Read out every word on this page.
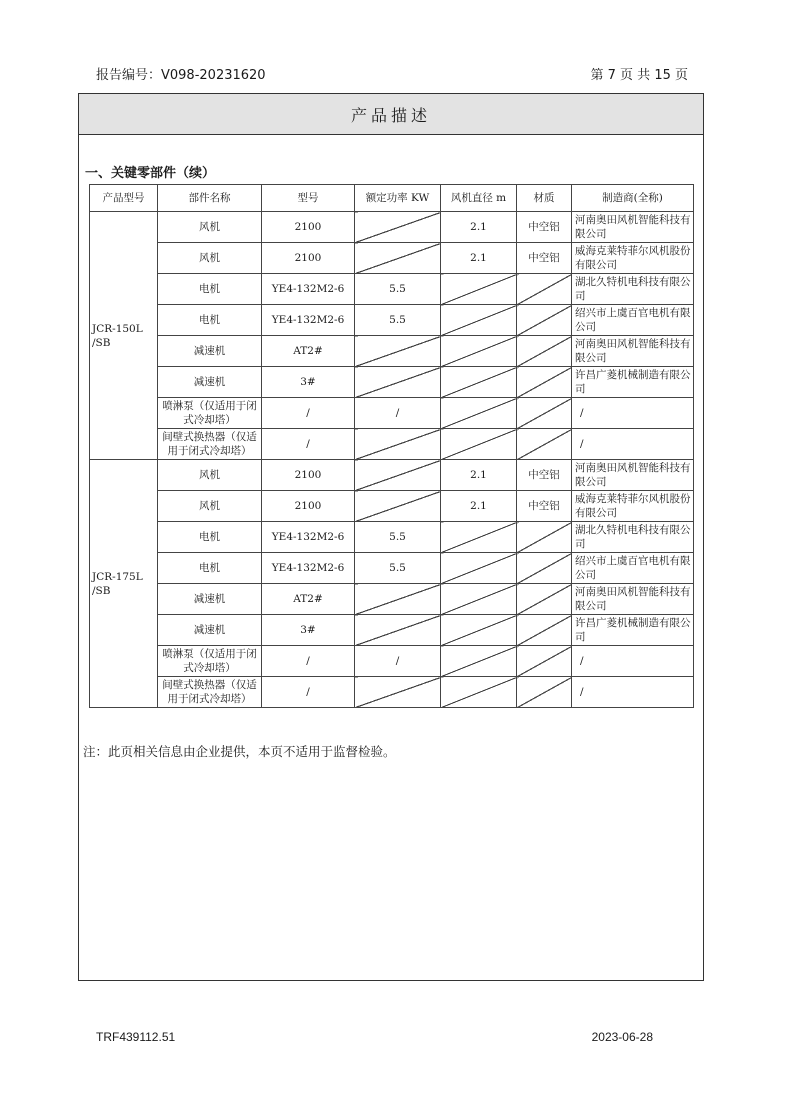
报告编号：V098-20231620	第 7 页 共 15 页
产品描述
一、关键零部件（续）
产品型号	部件名称	型号	额定功率 KW	风机直径 m	材质	制造商(全称)
JCR-150L
/SB	风机	2100		2.1	中空铝	河南奥田风机智能科技有限公司
	风机	2100		2.1	中空铝	威海克莱特菲尔风机股份有限公司
	电机	YE4-132M2-6	5.5			湖北久特机电科技有限公司
	电机	YE4-132M2-6	5.5			绍兴市上虞百官电机有限公司
	减速机	AT2#				河南奥田风机智能科技有限公司
	减速机	3#				许昌广菱机械制造有限公司
	喷淋泵（仅适用于闭式冷却塔）	/	/			/
	间壁式换热器（仅适用于闭式冷却塔）	/				/
JCR-175L
/SB	风机	2100		2.1	中空铝	河南奥田风机智能科技有限公司
	风机	2100		2.1	中空铝	威海克莱特菲尔风机股份有限公司
	电机	YE4-132M2-6	5.5			湖北久特机电科技有限公司
	电机	YE4-132M2-6	5.5			绍兴市上虞百官电机有限公司
	减速机	AT2#				河南奥田风机智能科技有限公司
	减速机	3#				许昌广菱机械制造有限公司
	喷淋泵（仅适用于闭式冷却塔）	/	/			/
	间壁式换热器（仅适用于闭式冷却塔）	/				/
注：此页相关信息由企业提供，本页不适用于监督检验。
TRF439112.51	2023-06-28
